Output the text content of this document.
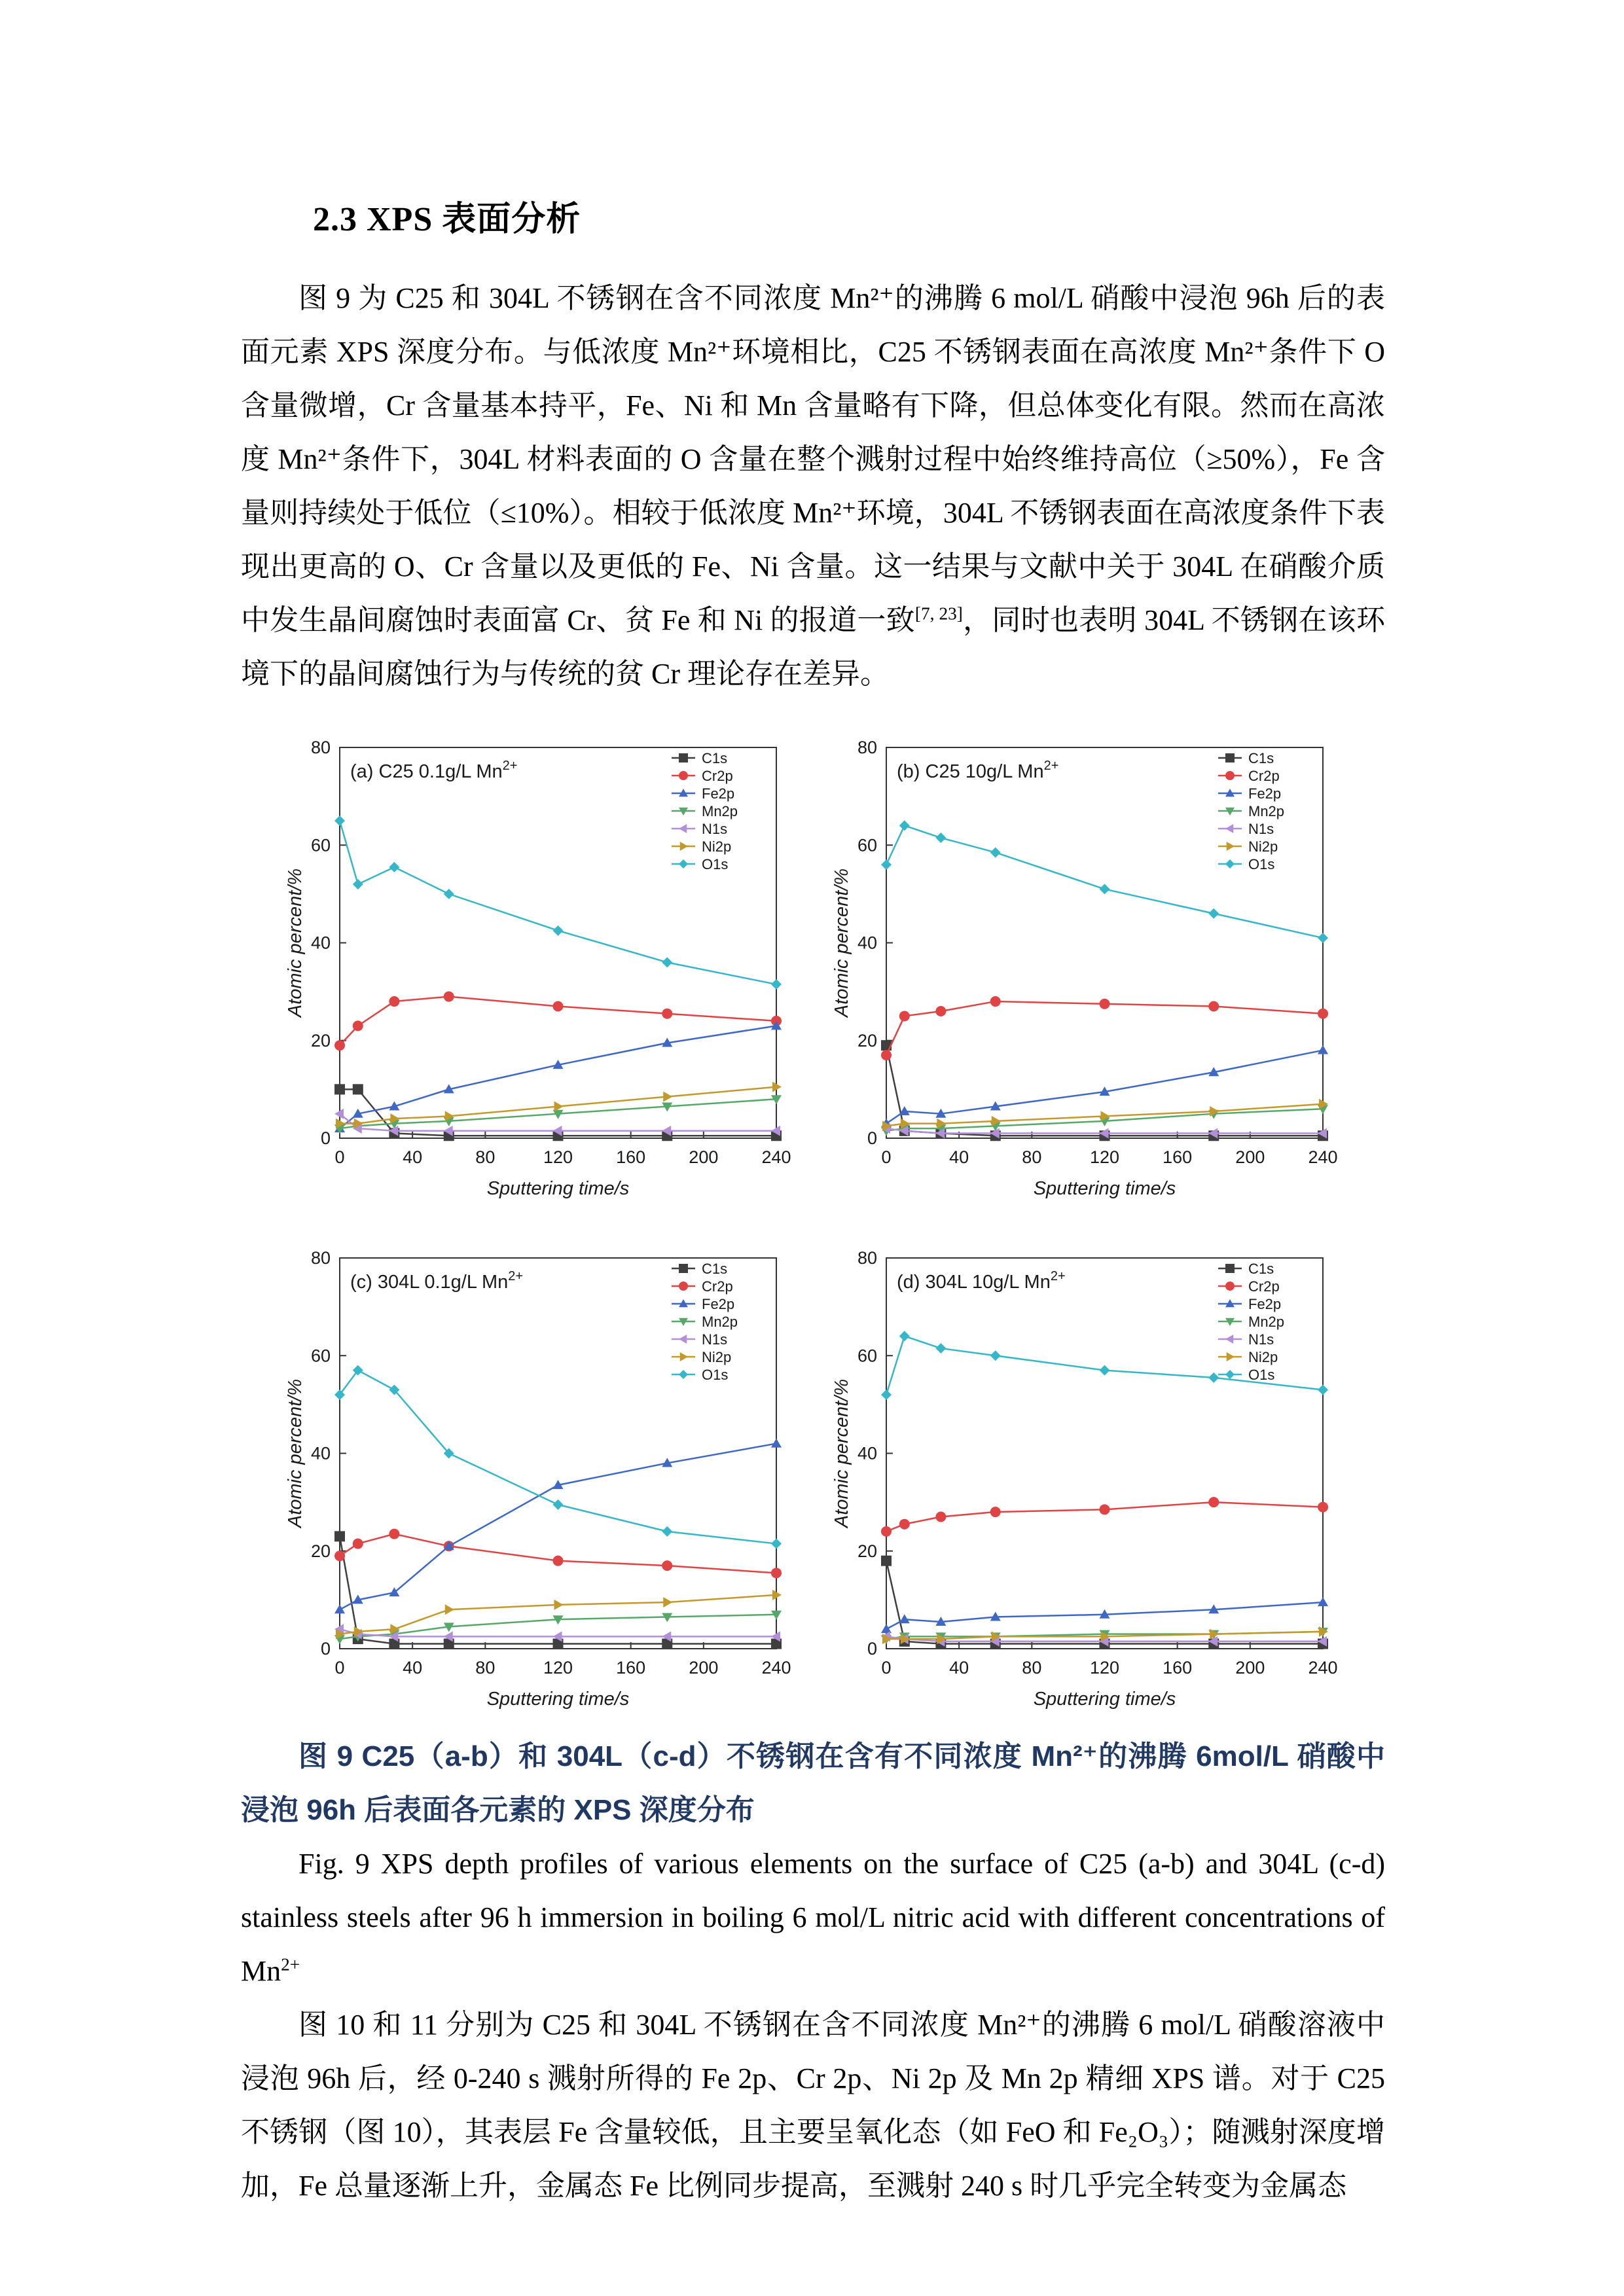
2.3 XPS 表面分析

图 9 为 C25 和 304L 不锈钢在含不同浓度 Mn²⁺的沸腾 6 mol/L 硝酸中浸泡 96h 后的表面元素 XPS 深度分布。与低浓度 Mn²⁺环境相比，C25 不锈钢表面在高浓度 Mn²⁺条件下 O 含量微增，Cr 含量基本持平，Fe、Ni 和 Mn 含量略有下降，但总体变化有限。然而在高浓度 Mn²⁺条件下，304L 材料表面的 O 含量在整个溅射过程中始终维持高位（≥50%），Fe 含量则持续处于低位（≤10%）。相较于低浓度 Mn²⁺环境，304L 不锈钢表面在高浓度条件下表现出更高的 O、Cr 含量以及更低的 Fe、Ni 含量。这一结果与文献中关于 304L 在硝酸介质中发生晶间腐蚀时表面富 Cr、贫 Fe 和 Ni 的报道一致[7, 23]，同时也表明 304L 不锈钢在该环境下的晶间腐蚀行为与传统的贫 Cr 理论存在差异。

0	40	80	120 160 200 240
0
20
40
60
80
Sputtering time/s
Atomic percent/%
(a) C25 0.1g/L $Mn^{2+}$	C1s
Cr2p
Fe2p
Mn2p
N1s
Ni2p
O1s
0	40	80	120 160 200 240
0
20
40
60
80
Sputtering time/s
Atomic percent/%
(b) C25 10g/L $Mn^{2+}$	C1s
Cr2p
Fe2p
Mn2p
N1s
Ni2p
O1s
0	40	80	120 160 200 240
0
20
40
60
80
Sputtering time/s
Atomic percent/%
(c) 304L 0.1g/L $Mn^{2+}$	C1s
Cr2p
Fe2p
Mn2p
N1s
Ni2p
O1s
0	40	80	120 160 200 240
0
20
40
60
80
Sputtering time/s
Atomic percent/%
(d) 304L 10g/L $Mn^{2+}$	C1s
Cr2p
Fe2p
Mn2p
N1s
Ni2p
O1s

图 9 C25（a-b）和 304L（c-d）不锈钢在含有不同浓度 Mn²⁺的沸腾 6mol/L 硝酸中浸泡 96h 后表面各元素的 XPS 深度分布

Fig. 9 XPS depth profiles of various elements on the surface of C25 (a-b) and 304L (c-d) stainless steels after 96 h immersion in boiling 6 mol/L nitric acid with different concentrations of $Mn^{2+}$

图 10 和 11 分别为 C25 和 304L 不锈钢在含不同浓度 Mn²⁺的沸腾 6 mol/L 硝酸溶液中浸泡 96h 后，经 0-240 s 溅射所得的 Fe 2p、Cr 2p、Ni 2p 及 Mn 2p 精细 XPS 谱。对于 C25 不锈钢（图 10），其表层 Fe 含量较低，且主要呈氧化态（如 FeO 和 Fe₂O₃）；随溅射深度增加，Fe 总量逐渐上升，金属态 Fe 比例同步提高，至溅射 240 s 时几乎完全转变为金属态
